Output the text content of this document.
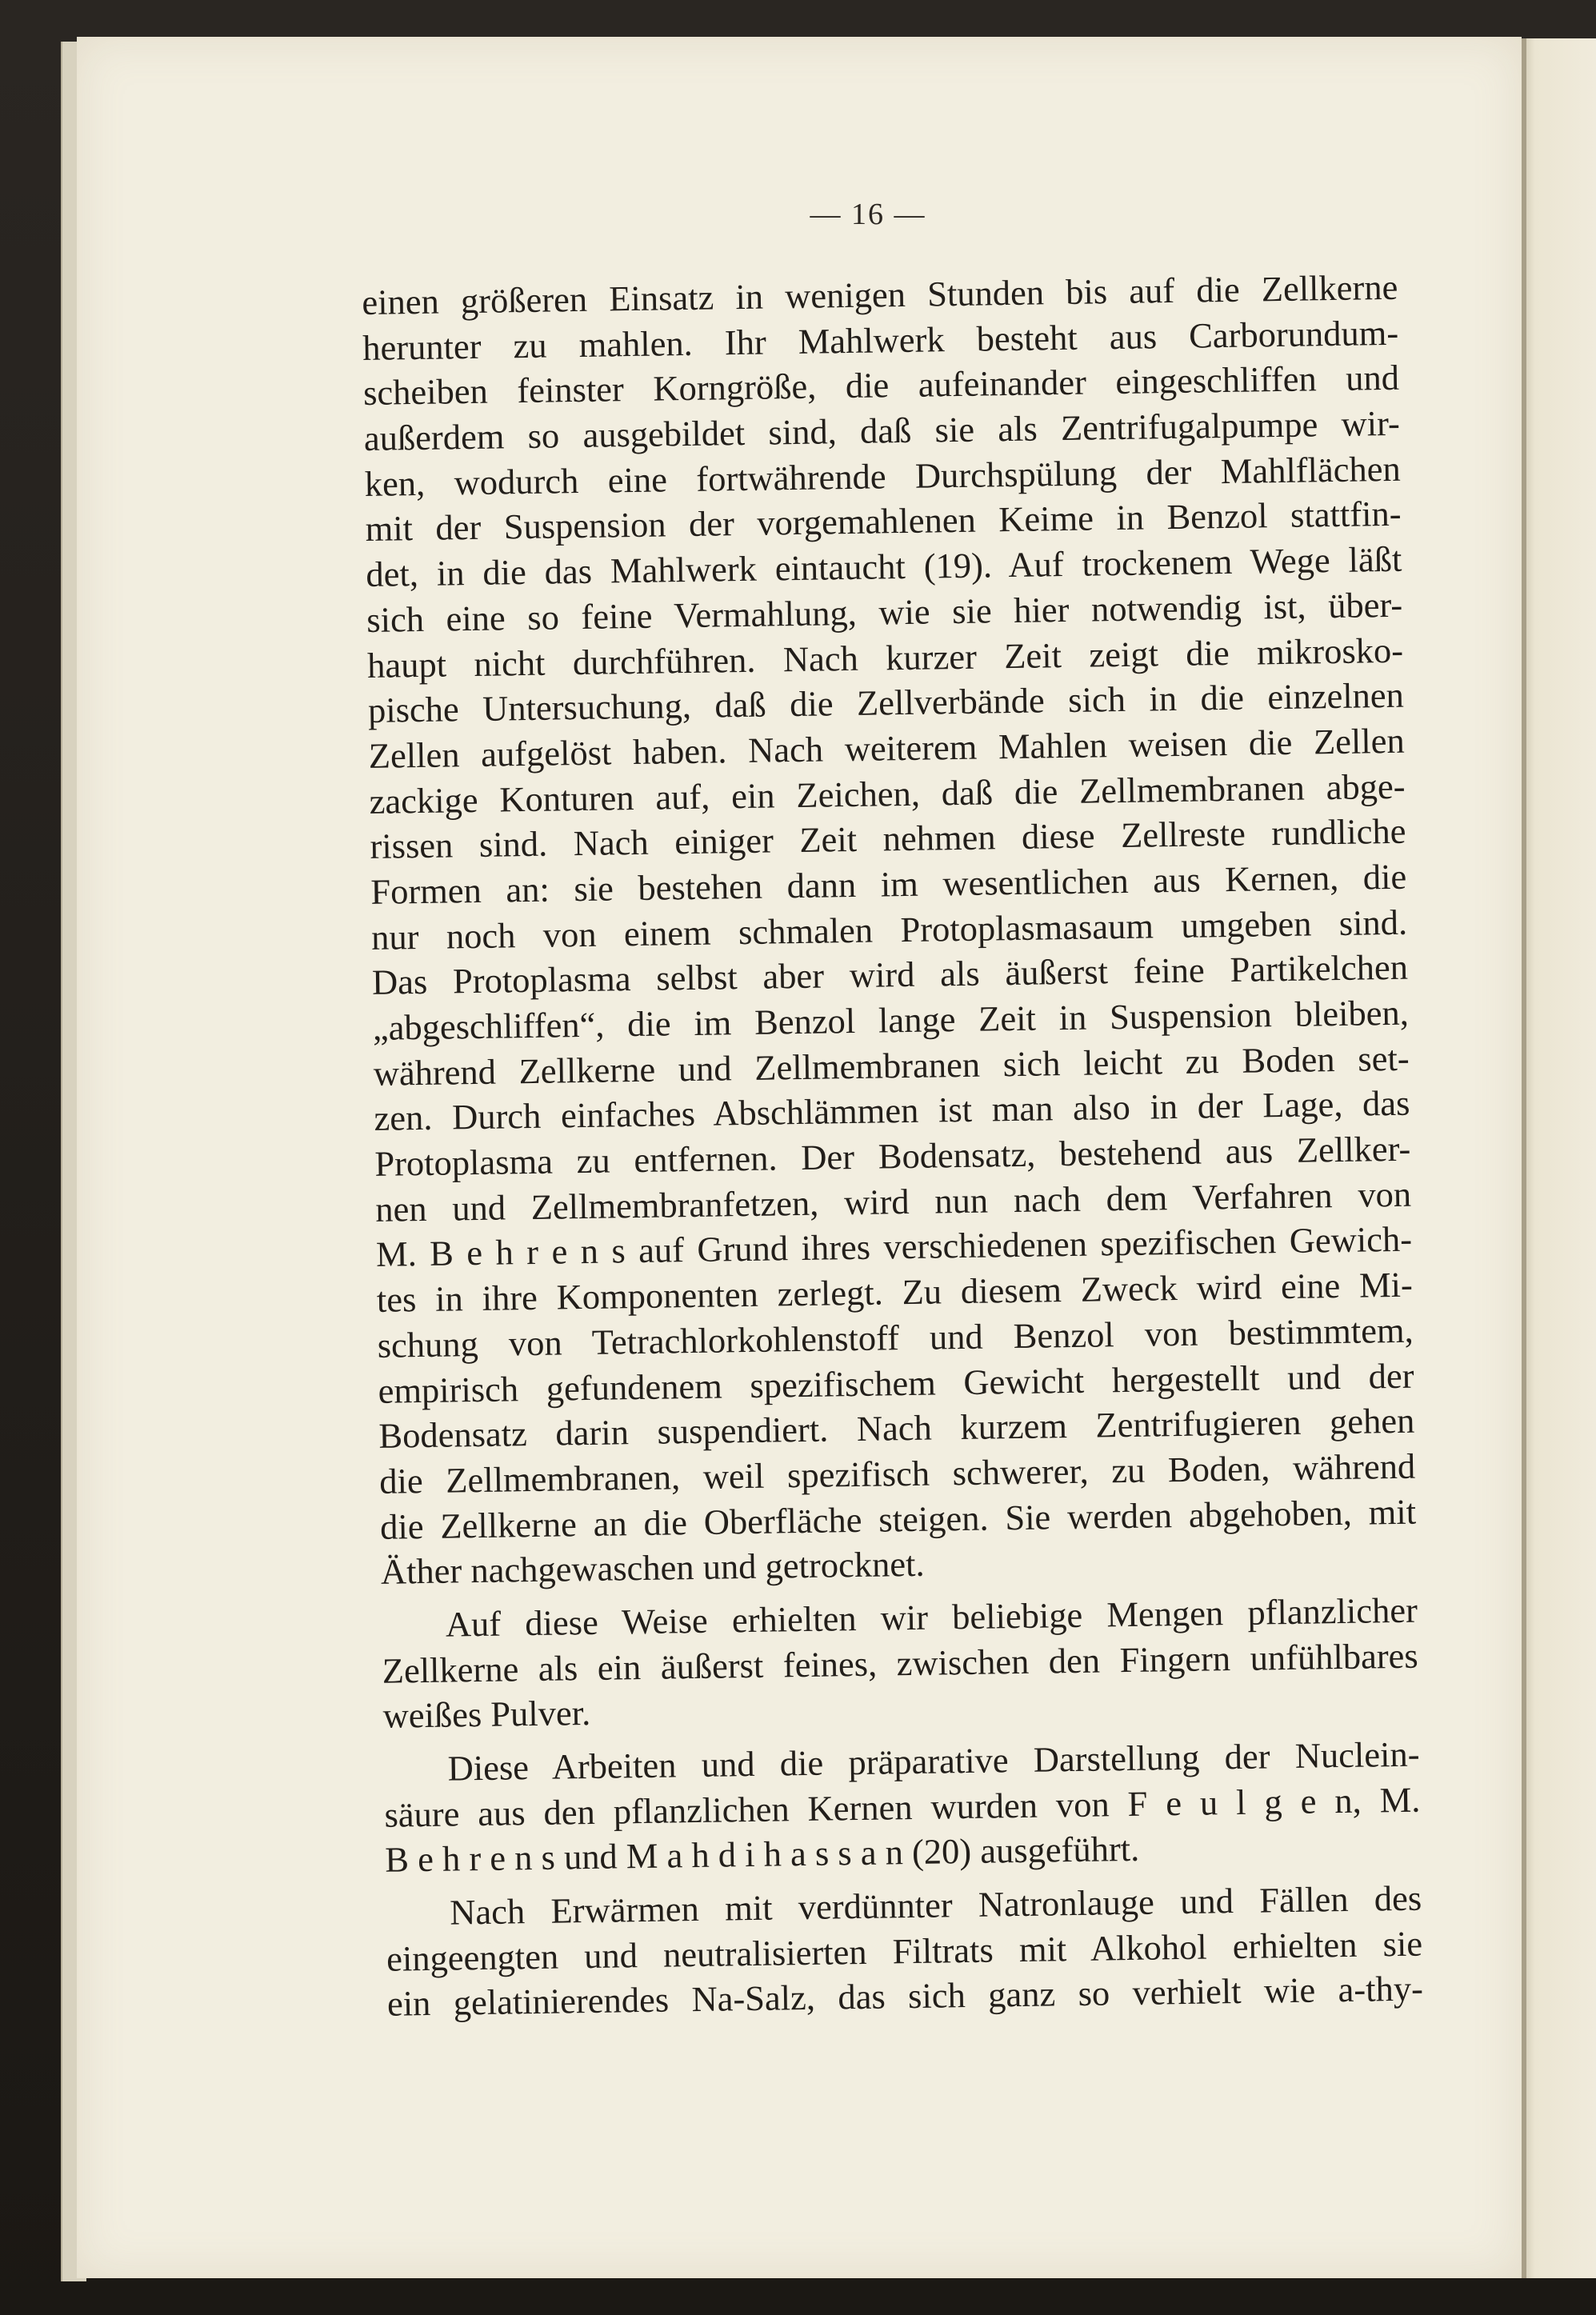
— 16 —
einen größeren Einsatz in wenigen Stunden bis auf die Zellkerne
herunter zu mahlen. Ihr Mahlwerk besteht aus Carborundum-
scheiben feinster Korngröße, die aufeinander eingeschliffen und
außerdem so ausgebildet sind, daß sie als Zentrifugalpumpe wir-
ken, wodurch eine fortwährende Durchspülung der Mahlflächen
mit der Suspension der vorgemahlenen Keime in Benzol stattfin-
det, in die das Mahlwerk eintaucht (19). Auf trockenem Wege läßt
sich eine so feine Vermahlung, wie sie hier notwendig ist, über-
haupt nicht durchführen. Nach kurzer Zeit zeigt die mikrosko-
pische Untersuchung, daß die Zellverbände sich in die einzelnen
Zellen aufgelöst haben. Nach weiterem Mahlen weisen die Zellen
zackige Konturen auf, ein Zeichen, daß die Zellmembranen abge-
rissen sind. Nach einiger Zeit nehmen diese Zellreste rundliche
Formen an: sie bestehen dann im wesentlichen aus Kernen, die
nur noch von einem schmalen Protoplasmasaum umgeben sind.
Das Protoplasma selbst aber wird als äußerst feine Partikelchen
„abgeschliffen“, die im Benzol lange Zeit in Suspension bleiben,
während Zellkerne und Zellmembranen sich leicht zu Boden set-
zen. Durch einfaches Abschlämmen ist man also in der Lage, das
Protoplasma zu entfernen. Der Bodensatz, bestehend aus Zellker-
nen und Zellmembranfetzen, wird nun nach dem Verfahren von
M. B e h r e n s auf Grund ihres verschiedenen spezifischen Gewich-
tes in ihre Komponenten zerlegt. Zu diesem Zweck wird eine Mi-
schung von Tetrachlorkohlenstoff und Benzol von bestimmtem,
empirisch gefundenem spezifischem Gewicht hergestellt und der
Bodensatz darin suspendiert. Nach kurzem Zentrifugieren gehen
die Zellmembranen, weil spezifisch schwerer, zu Boden, während
die Zellkerne an die Oberfläche steigen. Sie werden abgehoben, mit
Äther nachgewaschen und getrocknet.
Auf diese Weise erhielten wir beliebige Mengen pflanzlicher
Zellkerne als ein äußerst feines, zwischen den Fingern unfühlbares
weißes Pulver.
Diese Arbeiten und die präparative Darstellung der Nuclein-
säure aus den pflanzlichen Kernen wurden von F e u l g e n, M.
B e h r e n s und M a h d i h a s s a n (20) ausgeführt.
Nach Erwärmen mit verdünnter Natronlauge und Fällen des
eingeengten und neutralisierten Filtrats mit Alkohol erhielten sie
ein gelatinierendes Na-Salz, das sich ganz so verhielt wie a-thy-
